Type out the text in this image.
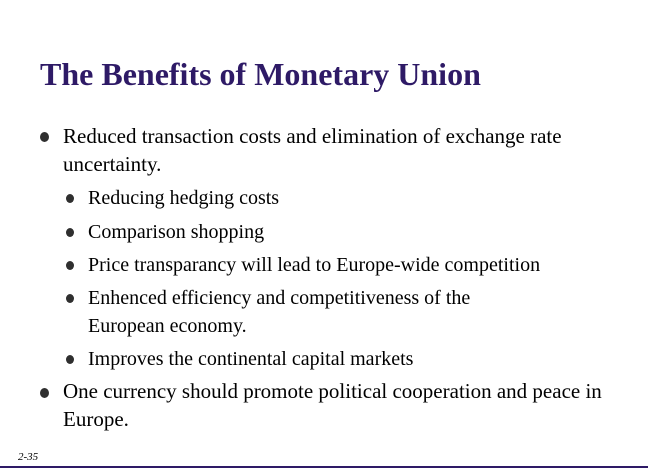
The Benefits of Monetary Union
Reduced transaction costs and elimination of exchange rate uncertainty.
Reducing hedging costs
Comparison shopping
Price transparancy will lead to Europe-wide competition
Enhenced efficiency and competitiveness of the European economy.
Improves the continental capital markets
One currency should promote political cooperation and peace in Europe.
2-35
